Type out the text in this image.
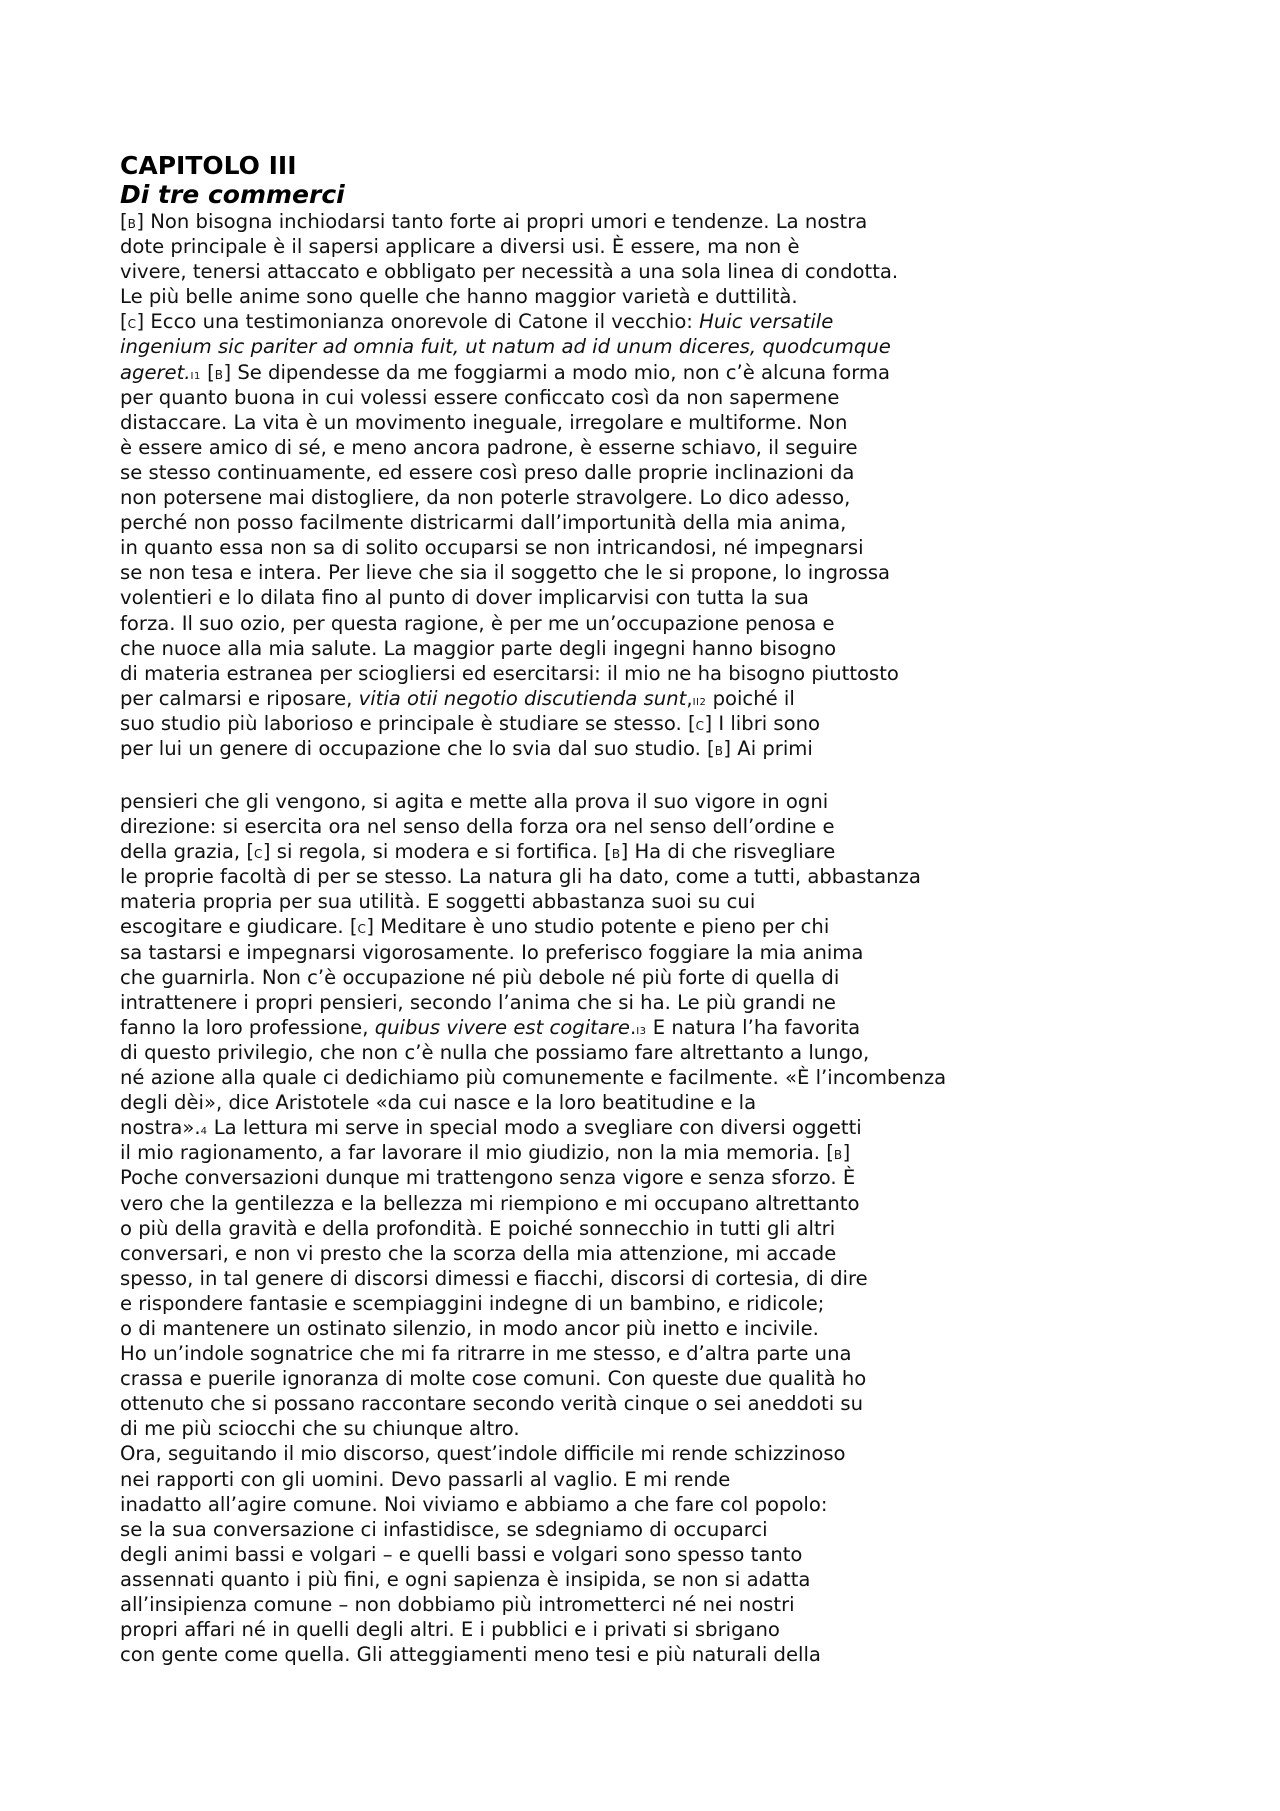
CAPITOLO III
Di tre commerci
[B] Non bisogna inchiodarsi tanto forte ai propri umori e tendenze. La nostra
dote principale è il sapersi applicare a diversi usi. È essere, ma non è
vivere, tenersi attaccato e obbligato per necessità a una sola linea di condotta.
Le più belle anime sono quelle che hanno maggior varietà e duttilità.
[C] Ecco una testimonianza onorevole di Catone il vecchio: Huic versatile
ingenium sic pariter ad omnia fuit, ut natum ad id unum diceres, quodcumque
ageret.I1 [B] Se dipendesse da me foggiarmi a modo mio, non c’è alcuna forma
per quanto buona in cui volessi essere conficcato così da non sapermene
distaccare. La vita è un movimento ineguale, irregolare e multiforme. Non
è essere amico di sé, e meno ancora padrone, è esserne schiavo, il seguire
se stesso continuamente, ed essere così preso dalle proprie inclinazioni da
non potersene mai distogliere, da non poterle stravolgere. Lo dico adesso,
perché non posso facilmente districarmi dall’importunità della mia anima,
in quanto essa non sa di solito occuparsi se non intricandosi, né impegnarsi
se non tesa e intera. Per lieve che sia il soggetto che le si propone, lo ingrossa
volentieri e lo dilata fino al punto di dover implicarvisi con tutta la sua
forza. Il suo ozio, per questa ragione, è per me un’occupazione penosa e
che nuoce alla mia salute. La maggior parte degli ingegni hanno bisogno
di materia estranea per sciogliersi ed esercitarsi: il mio ne ha bisogno piuttosto
per calmarsi e riposare, vitia otii negotio discutienda sunt,II2 poiché il
suo studio più laborioso e principale è studiare se stesso. [C] I libri sono
per lui un genere di occupazione che lo svia dal suo studio. [B] Ai primi
pensieri che gli vengono, si agita e mette alla prova il suo vigore in ogni
direzione: si esercita ora nel senso della forza ora nel senso dell’ordine e
della grazia, [C] si regola, si modera e si fortifica. [B] Ha di che risvegliare
le proprie facoltà di per se stesso. La natura gli ha dato, come a tutti, abbastanza
materia propria per sua utilità. E soggetti abbastanza suoi su cui
escogitare e giudicare. [C] Meditare è uno studio potente e pieno per chi
sa tastarsi e impegnarsi vigorosamente. Io preferisco foggiare la mia anima
che guarnirla. Non c’è occupazione né più debole né più forte di quella di
intrattenere i propri pensieri, secondo l’anima che si ha. Le più grandi ne
fanno la loro professione, quibus vivere est cogitare.I3 E natura l’ha favorita
di questo privilegio, che non c’è nulla che possiamo fare altrettanto a lungo,
né azione alla quale ci dedichiamo più comunemente e facilmente. «È l’incombenza
degli dèi», dice Aristotele «da cui nasce e la loro beatitudine e la
nostra».4 La lettura mi serve in special modo a svegliare con diversi oggetti
il mio ragionamento, a far lavorare il mio giudizio, non la mia memoria. [B]
Poche conversazioni dunque mi trattengono senza vigore e senza sforzo. È
vero che la gentilezza e la bellezza mi riempiono e mi occupano altrettanto
o più della gravità e della profondità. E poiché sonnecchio in tutti gli altri
conversari, e non vi presto che la scorza della mia attenzione, mi accade
spesso, in tal genere di discorsi dimessi e fiacchi, discorsi di cortesia, di dire
e rispondere fantasie e scempiaggini indegne di un bambino, e ridicole;
o di mantenere un ostinato silenzio, in modo ancor più inetto e incivile.
Ho un’indole sognatrice che mi fa ritrarre in me stesso, e d’altra parte una
crassa e puerile ignoranza di molte cose comuni. Con queste due qualità ho
ottenuto che si possano raccontare secondo verità cinque o sei aneddoti su
di me più sciocchi che su chiunque altro.
Ora, seguitando il mio discorso, quest’indole difficile mi rende schizzinoso
nei rapporti con gli uomini. Devo passarli al vaglio. E mi rende
inadatto all’agire comune. Noi viviamo e abbiamo a che fare col popolo:
se la sua conversazione ci infastidisce, se sdegniamo di occuparci
degli animi bassi e volgari – e quelli bassi e volgari sono spesso tanto
assennati quanto i più fini, e ogni sapienza è insipida, se non si adatta
all’insipienza comune – non dobbiamo più intrometterci né nei nostri
propri affari né in quelli degli altri. E i pubblici e i privati si sbrigano
con gente come quella. Gli atteggiamenti meno tesi e più naturali della
